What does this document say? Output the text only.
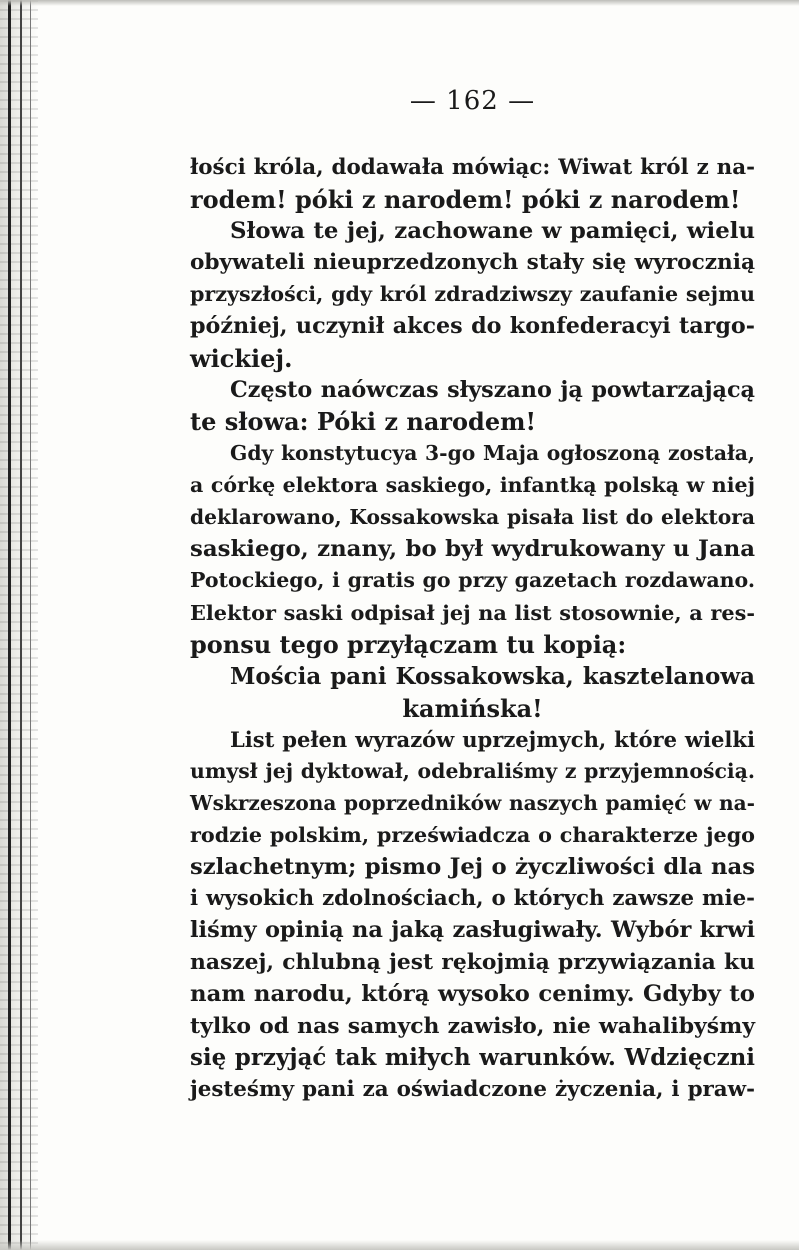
— 162 —
łości króla, dodawała mówiąc: Wiwat król z na-
rodem! póki z narodem! póki z narodem!
Słowa te jej, zachowane w pamięci, wielu
obywateli nieuprzedzonych stały się wyrocznią
przyszłości, gdy król zdradziwszy zaufanie sejmu
później, uczynił akces do konfederacyi targo-
wickiej.
Często naówczas słyszano ją powtarzającą
te słowa: Póki z narodem!
Gdy konstytucya 3-go Maja ogłoszoną została,
a córkę elektora saskiego, infantką polską w niej
deklarowano, Kossakowska pisała list do elektora
saskiego, znany, bo był wydrukowany u Jana
Potockiego, i gratis go przy gazetach rozdawano.
Elektor saski odpisał jej na list stosownie, a res-
ponsu tego przyłączam tu kopią:
Mościa pani Kossakowska, kasztelanowa
kamińska!
List pełen wyrazów uprzejmych, które wielki
umysł jej dyktował, odebraliśmy z przyjemnością.
Wskrzeszona poprzedników naszych pamięć w na-
rodzie polskim, przeświadcza o charakterze jego
szlachetnym; pismo Jej o życzliwości dla nas
i wysokich zdolnościach, o których zawsze mie-
liśmy opinią na jaką zasługiwały. Wybór krwi
naszej, chlubną jest rękojmią przywiązania ku
nam narodu, którą wysoko cenimy. Gdyby to
tylko od nas samych zawisło, nie wahalibyśmy
się przyjąć tak miłych warunków. Wdzięczni
jesteśmy pani za oświadczone życzenia, i praw-
